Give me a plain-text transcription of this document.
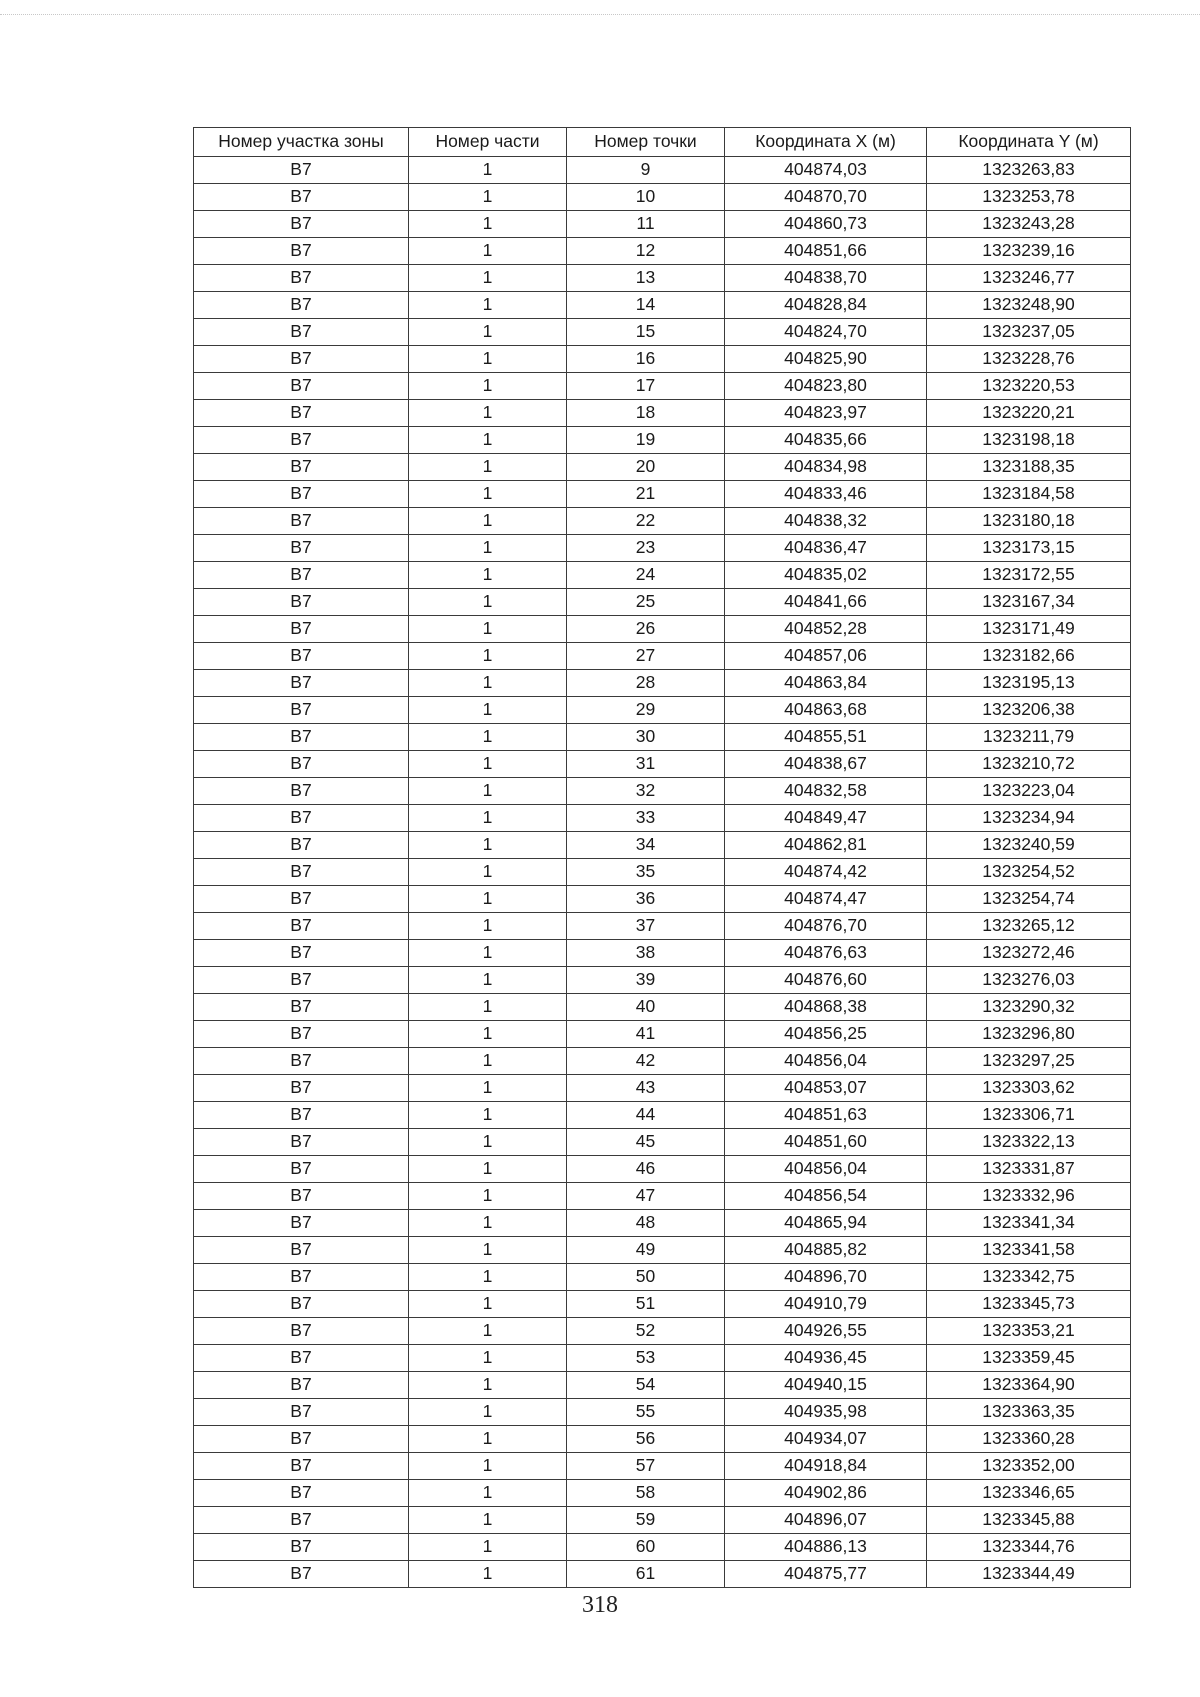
Номер участка зоны	Номер части	Номер точки	Координата X (м)	Координата Y (м)
B7	1	9	404874,03	1323263,83
B7	1	10	404870,70	1323253,78
B7	1	11	404860,73	1323243,28
B7	1	12	404851,66	1323239,16
B7	1	13	404838,70	1323246,77
B7	1	14	404828,84	1323248,90
B7	1	15	404824,70	1323237,05
B7	1	16	404825,90	1323228,76
B7	1	17	404823,80	1323220,53
B7	1	18	404823,97	1323220,21
B7	1	19	404835,66	1323198,18
B7	1	20	404834,98	1323188,35
B7	1	21	404833,46	1323184,58
B7	1	22	404838,32	1323180,18
B7	1	23	404836,47	1323173,15
B7	1	24	404835,02	1323172,55
B7	1	25	404841,66	1323167,34
B7	1	26	404852,28	1323171,49
B7	1	27	404857,06	1323182,66
B7	1	28	404863,84	1323195,13
B7	1	29	404863,68	1323206,38
B7	1	30	404855,51	1323211,79
B7	1	31	404838,67	1323210,72
B7	1	32	404832,58	1323223,04
B7	1	33	404849,47	1323234,94
B7	1	34	404862,81	1323240,59
B7	1	35	404874,42	1323254,52
B7	1	36	404874,47	1323254,74
B7	1	37	404876,70	1323265,12
B7	1	38	404876,63	1323272,46
B7	1	39	404876,60	1323276,03
B7	1	40	404868,38	1323290,32
B7	1	41	404856,25	1323296,80
B7	1	42	404856,04	1323297,25
B7	1	43	404853,07	1323303,62
B7	1	44	404851,63	1323306,71
B7	1	45	404851,60	1323322,13
B7	1	46	404856,04	1323331,87
B7	1	47	404856,54	1323332,96
B7	1	48	404865,94	1323341,34
B7	1	49	404885,82	1323341,58
B7	1	50	404896,70	1323342,75
B7	1	51	404910,79	1323345,73
B7	1	52	404926,55	1323353,21
B7	1	53	404936,45	1323359,45
B7	1	54	404940,15	1323364,90
B7	1	55	404935,98	1323363,35
B7	1	56	404934,07	1323360,28
B7	1	57	404918,84	1323352,00
B7	1	58	404902,86	1323346,65
B7	1	59	404896,07	1323345,88
B7	1	60	404886,13	1323344,76
B7	1	61	404875,77	1323344,49
318
